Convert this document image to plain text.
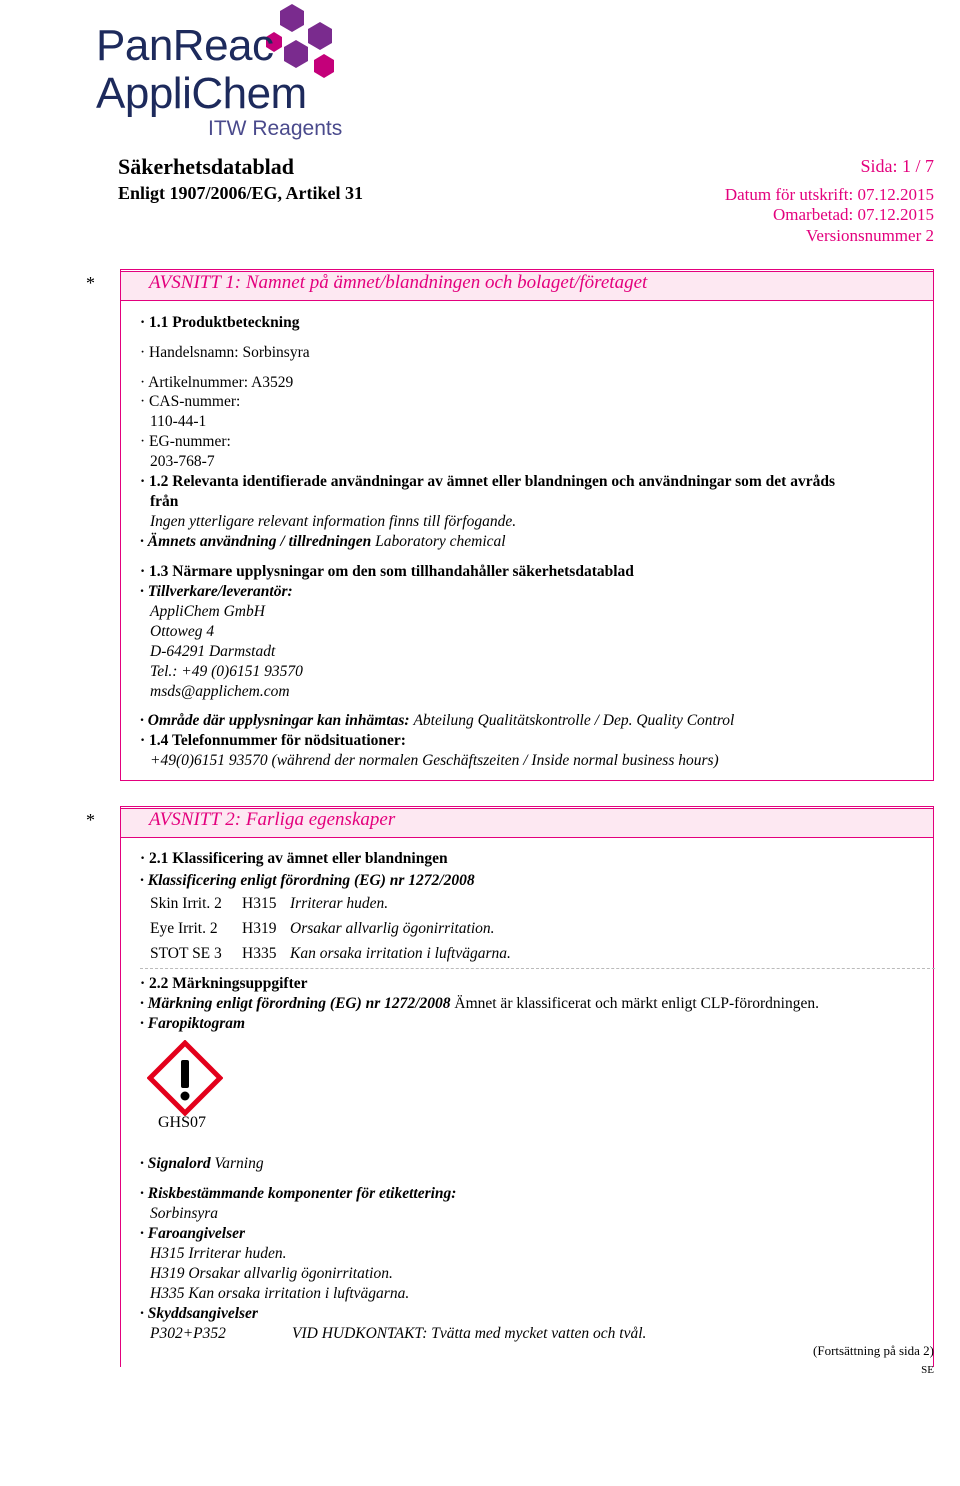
PanReac
AppliChem
ITW Reagents
Säkerhetsdatablad
Enligt 1907/2006/EG, Artikel 31
Sida: 1 / 7
Datum för utskrift: 07.12.2015
Omarbetad: 07.12.2015
Versionsnummer 2
*	AVSNITT 1: Namnet på ämnet/blandningen och bolaget/företaget
· 1.1 Produktbeteckning
· Handelsnamn: Sorbinsyra
· Artikelnummer: A3529
· CAS-nummer:
110-44-1
· EG-nummer:
203-768-7
· 1.2 Relevanta identifierade användningar av ämnet eller blandningen och användningar som det avråds
från
Ingen ytterligare relevant information finns till förfogande.
· Ämnets användning / tillredningen Laboratory chemical
· 1.3 Närmare upplysningar om den som tillhandahåller säkerhetsdatablad
· Tillverkare/leverantör:
AppliChem GmbH
Ottoweg 4
D-64291 Darmstadt
Tel.: +49 (0)6151 93570
msds@applichem.com
· Område där upplysningar kan inhämtas: Abteilung Qualitätskontrolle / Dep. Quality Control
· 1.4 Telefonnummer för nödsituationer:
+49(0)6151 93570 (während der normalen Geschäftszeiten / Inside normal business hours)
*	AVSNITT 2: Farliga egenskaper
· 2.1 Klassificering av ämnet eller blandningen
· Klassificering enligt förordning (EG) nr 1272/2008
Skin Irrit. 2 H315 Irriterar huden.
Eye Irrit. 2 H319 Orsakar allvarlig ögonirritation.
STOT SE 3 H335 Kan orsaka irritation i luftvägarna.
· 2.2 Märkningsuppgifter
· Märkning enligt förordning (EG) nr 1272/2008 Ämnet är klassificerat och märkt enligt CLP-förordningen.
· Faropiktogram
GHS07
· Signalord Varning
· Riskbestämmande komponenter för etikettering:
Sorbinsyra
· Faroangivelser
H315 Irriterar huden.
H319 Orsakar allvarlig ögonirritation.
H335 Kan orsaka irritation i luftvägarna.
· Skyddsangivelser
P302+P352	VID HUDKONTAKT: Tvätta med mycket vatten och tvål.
(Fortsättning på sida 2)
SE
